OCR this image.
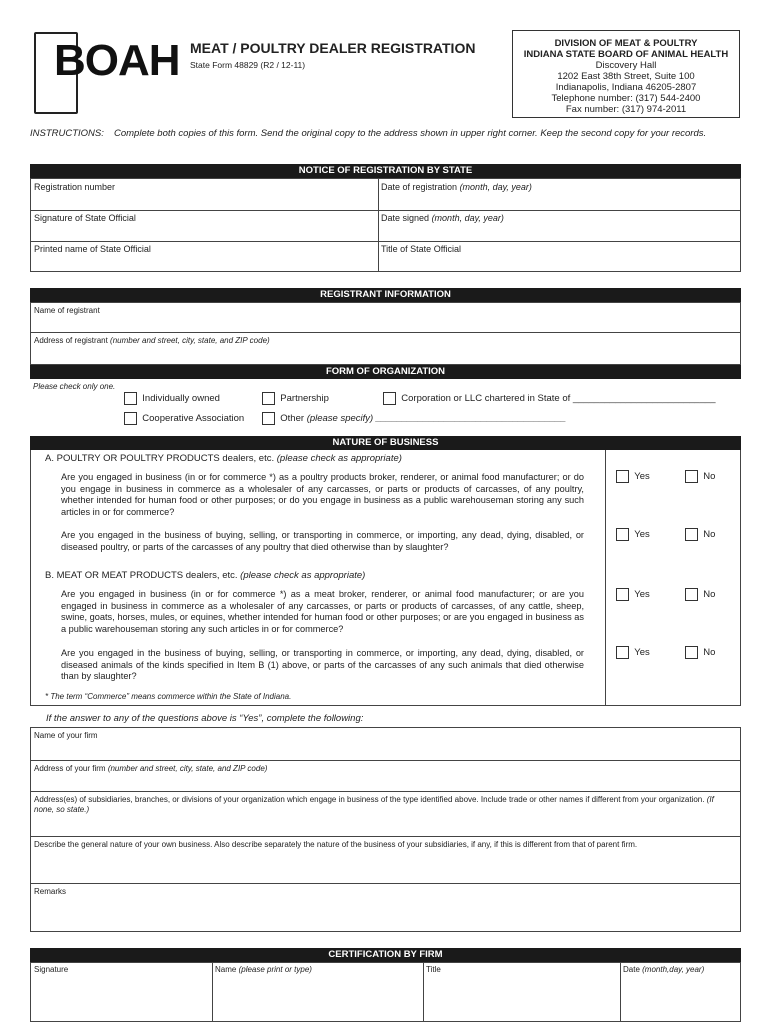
BOAH MEAT / POULTRY DEALER REGISTRATION
State Form 48829 (R2 / 12-11)
DIVISION OF MEAT & POULTRY
INDIANA STATE BOARD OF ANIMAL HEALTH
Discovery Hall
1202 East 38th Street, Suite 100
Indianapolis, Indiana 46205-2807
Telephone number: (317) 544-2400
Fax number: (317) 974-2011
INSTRUCTIONS:	Complete both copies of this form. Send the original copy to the address shown in upper right corner. Keep the second copy for your records.
NOTICE OF REGISTRATION BY STATE
Registration number	Date of registration (month, day, year)
Signature of State Official	Date signed (month, day, year)
Printed name of State Official	Title of State Official
REGISTRANT INFORMATION
Name of registrant
Address of registrant (number and street, city, state, and ZIP code)
FORM OF ORGANIZATION
Please check only one.
Individually owned	Partnership	Corporation or LLC chartered in State of ___________________________
Cooperative Association	Other (please specify) ____________________________________
NATURE OF BUSINESS
A. POULTRY OR POULTRY PRODUCTS dealers, etc. (please check as appropriate)
Are you engaged in business (in or for commerce *) as a poultry products broker, renderer, or animal food manufacturer; or do you engage in business in commerce as a wholesaler of any carcasses, or parts or products of carcasses, of any poultry, whether intended for human food or other purposes; or do you engage in business as a public warehouseman storing any such articles in or for commerce?
Yes	No
Are you engaged in the business of buying, selling, or transporting in commerce, or importing, any dead, dying, disabled, or diseased poultry, or parts of the carcasses of any poultry that died otherwise than by slaughter?
Yes	No
B. MEAT OR MEAT PRODUCTS dealers, etc. (please check as appropriate)
Are you engaged in business (in or for commerce *) as a meat broker, renderer, or animal food manufacturer; or are you engaged in business in commerce as a wholesaler of any carcasses, or parts or products of carcasses, of any cattle, sheep, swine, goats, horses, mules, or equines, whether intended for human food or other purposes; or are you engaged in business as a public warehouseman storing any such articles in or for commerce?
Yes	No
Are you engaged in the business of buying, selling, or transporting in commerce, or importing, any dead, dying, disabled, or diseased animals of the kinds specified in Item B (1) above, or parts of the carcasses of any such animals that died otherwise than by slaughter?
Yes	No
* The term “Commerce” means commerce within the State of Indiana.
If the answer to any of the questions above is “Yes”, complete the following:
Name of your firm
Address of your firm (number and street, city, state, and ZIP code)
Address(es) of subsidiaries, branches, or divisions of your organization which engage in business of the type identified above. Include trade or other names if different from your organization. (If none, so state.)
Describe the general nature of your own business. Also describe separately the nature of the business of your subsidiaries, if any, if this is different from that of parent firm.
Remarks
CERTIFICATION BY FIRM
Signature	Name (please print or type)	Title	Date (month,day, year)
